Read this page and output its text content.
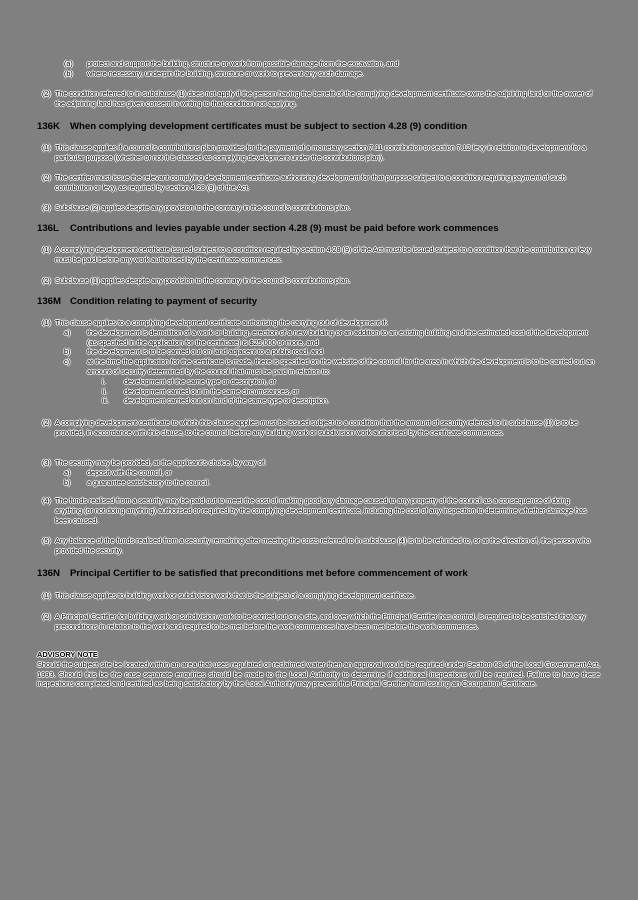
(a) protect and support the building, structure or work from possible damage from the excavation, and
(b) where necessary, underpin the building, structure or work to prevent any such damage.
(2) The condition referred to in subclause (1) does not apply if the person having the benefit of the complying development certificate owns the adjoining land or the owner of the adjoining land has given consent in writing to that condition not applying.
136K When complying development certificates must be subject to section 4.28 (9) condition
(1) This clause applies if a council’s contributions plan provides for the payment of a monetary section 7.11 contribution or section 7.12 levy in relation to development for a particular purpose (whether or not it is classed as complying development under the contributions plan).
(2) The certifier must issue the relevant complying development certificate authorising development for that purpose subject to a condition requiring payment of such contribution or levy, as required by section 4.28 (9) of the Act.
(3) Subclause (2) applies despite any provision to the contrary in the council’s contributions plan.
136L Contributions and levies payable under section 4.28 (9) must be paid before work commences
(1) A complying development certificate issued subject to a condition required by section 4.28 (9) of the Act must be issued subject to a condition that the contribution or levy must be paid before any work authorised by the certificate commences.
(2) Subclause (1) applies despite any provision to the contrary in the council’s contributions plan.
136M Condition relating to payment of security
(1) This clause applies to a complying development certificate authorising the carrying out of development if:
a) the development is demolition of a work or building, erection of a new building or an addition to an existing building and the estimated cost of the development (as specified in the application for the certificate) is $25,000 or more, and
b) the development is to be carried out on land adjacent to a public road, and
c) at the time the application for the certificate is made, there is specified on the website of the council for the area in which the development is to be carried out an amount of security determined by the council that must be paid in relation to:
i.	development of the same type or description, or
ii. development carried out in the same circumstances, or
iii. development carried out on land of the same type or description.
(2) A complying development certificate to which this clause applies must be issued subject to a condition that the amount of security referred to in subclause (1) is to be provided, in accordance with this clause, to the council before any building work or subdivision work authorised by the certificate commences.
(3) The security may be provided, at the applicant’s choice, by way of:
a) deposit with the council, or
b) a guarantee satisfactory to the council.
(4) The funds realised from a security may be paid out to meet the cost of making good any damage caused to any property of the council as a consequence of doing anything (or not doing anything) authorised or required by the complying development certificate, including the cost of any inspection to determine whether damage has been caused.
(5) Any balance of the funds realised from a security remaining after meeting the costs referred to in subclause (4) is to be refunded to, or at the direction of, the person who provided the security.
136N Principal Certifier to be satisfied that preconditions met before commencement of work
(1) This clause applies to building work or subdivision work that is the subject of a complying development certificate.
(2) A Principal Certifier for building work or subdivision work to be carried out on a site, and over which the Principal Certifier has control, is required to be satisfied that any preconditions in relation to the work and required to be met before the work commences have been met before the work commences.
ADVISORY NOTE
Should the subject site be located within an area that uses regulated or reclaimed water then an approval would be required under Section 68 of the Local Government Act, 1993. Should this be the case separate enquiries should be made to the Local Authority to determine if additional inspections will be required. Failure to have these inspections completed and certified as being satisfactory by the Local Authority may prevent the Principal Certifier from issuing an Occupation Certificate.
